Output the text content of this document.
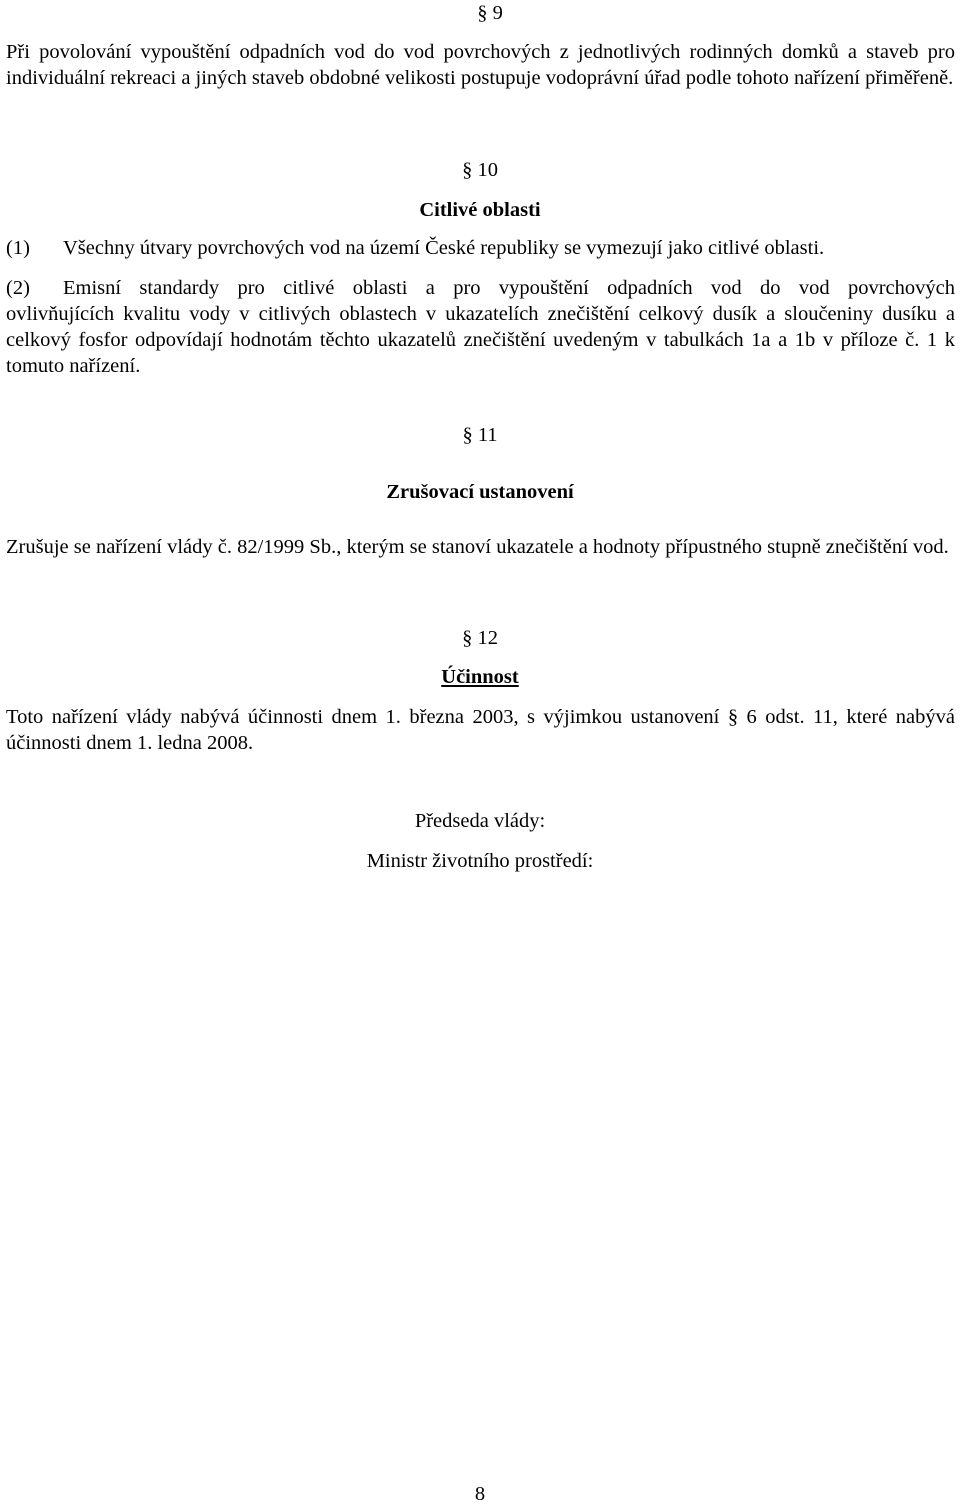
§ 9
Při povolování vypouštění odpadních vod do vod povrchových z jednotlivých rodinných domků a staveb pro individuální rekreaci a jiných staveb obdobné velikosti postupuje vodoprávní úřad podle tohoto nařízení přiměřeně.
§ 10
Citlivé oblasti
(1) Všechny útvary povrchových vod na území České republiky se vymezují jako citlivé oblasti.
(2) Emisní standardy pro citlivé oblasti a pro vypouštění odpadních vod do vod povrchových
ovlivňujících kvalitu vody v citlivých oblastech v ukazatelích znečištění celkový dusík a sloučeniny dusíku a celkový fosfor odpovídají hodnotám těchto ukazatelů znečištění uvedeným v tabulkách 1a a 1b v příloze č. 1 k tomuto nařízení.
§ 11
Zrušovací ustanovení
Zrušuje se nařízení vlády č. 82/1999 Sb., kterým se stanoví ukazatele a hodnoty přípustného stupně znečištění vod.
§ 12
Účinnost
Toto nařízení vlády nabývá účinnosti dnem 1. března 2003, s výjimkou ustanovení § 6 odst. 11, které nabývá účinnosti dnem 1. ledna 2008.
Předseda vlády:
Ministr životního prostředí:
8
